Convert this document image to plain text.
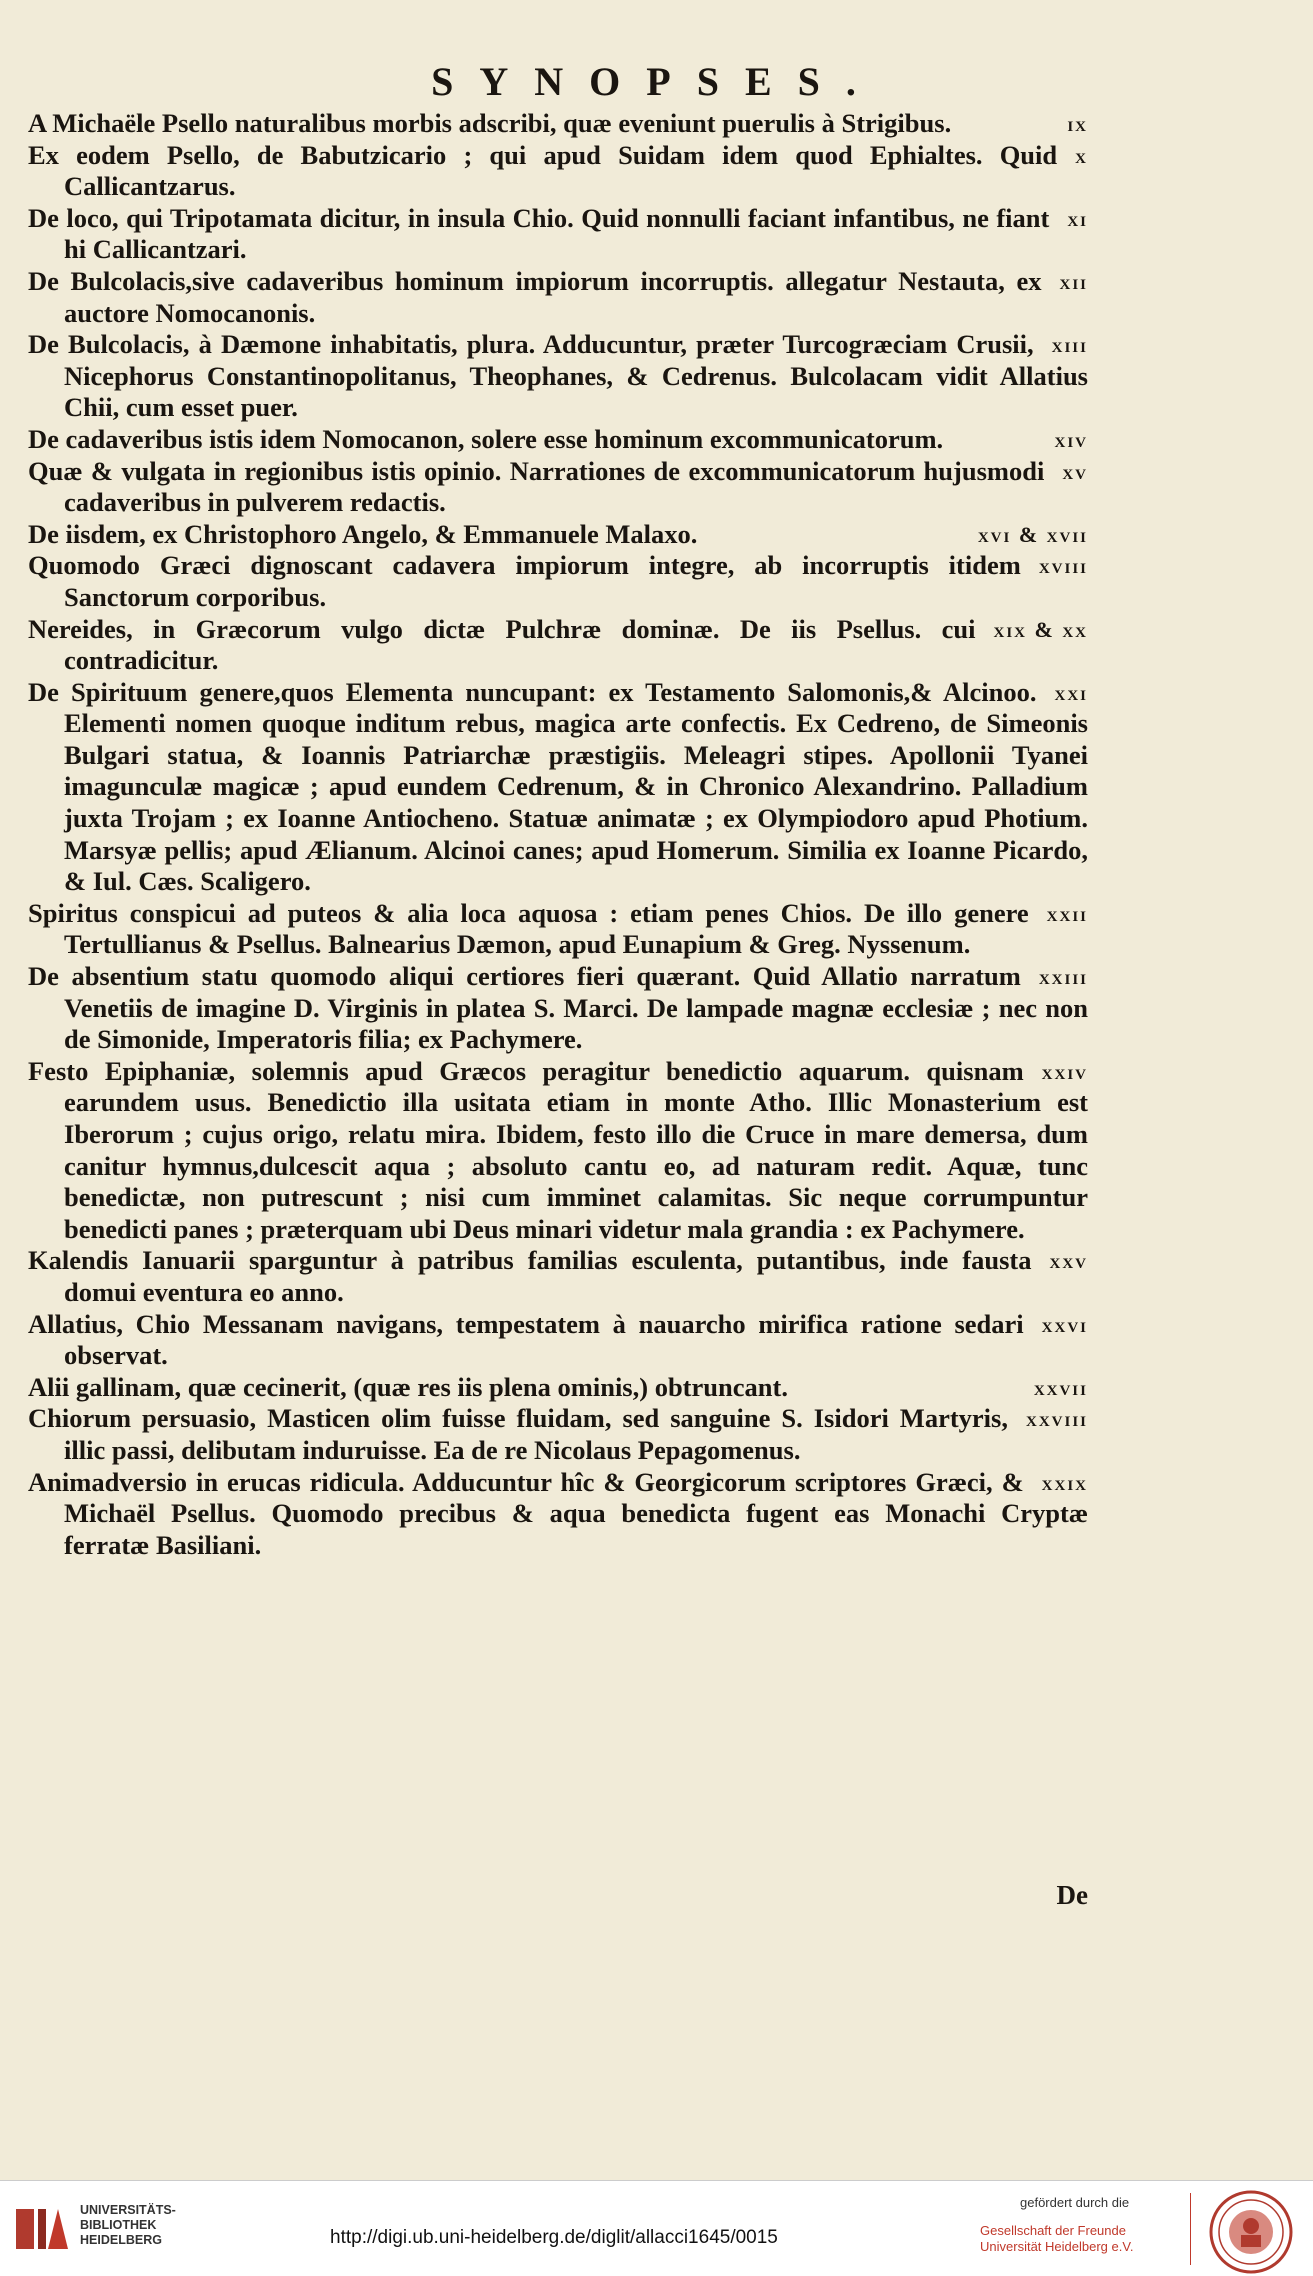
SYNOPSES.
ix
A Michaële Psello naturalibus morbis adscribi, quæ eveniunt puerulis à Strigibus.
x
Ex eodem Psello, de Babutzicario ; qui apud Suidam idem quod Ephialtes. Quid Callicantzarus.
xi
De loco, qui Tripotamata dicitur, in insula Chio. Quid nonnulli faciant infantibus, ne fiant hi Callicantzari.
xii
De Bulcolacis,sive cadaveribus hominum impiorum incorruptis. allegatur Nestauta, ex auctore Nomocanonis.
xiii
De Bulcolacis, à Dæmone inhabitatis, plura. Adducuntur, præter Turcogræciam Crusii, Nicephorus Constantinopolitanus, Theophanes, & Cedrenus. Bulcolacam vidit Allatius Chii, cum esset puer.
xiv
De cadaveribus istis idem Nomocanon, solere esse hominum excommunicatorum.
xv
Quæ & vulgata in regionibus istis opinio. Narrationes de excommunicatorum hujusmodi cadaveribus in pulverem redactis.
xvi & xvii
De iisdem, ex Christophoro Angelo, & Emmanuele Malaxo.
xviii
Quomodo Græci dignoscant cadavera impiorum integre, ab incorruptis itidem Sanctorum corporibus.
xix & xx
Nereides, in Græcorum vulgo dictæ Pulchræ dominæ. De iis Psellus. cui contradicitur.
xxi
De Spirituum genere,quos Elementa nuncupant: ex Testamento Salomonis,& Alcinoo. Elementi nomen quoque inditum rebus, magica arte confectis. Ex Cedreno, de Simeonis Bulgari statua, & Ioannis Patriarchæ præstigiis. Meleagri stipes. Apollonii Tyanei imagunculæ magicæ ; apud eundem Cedrenum, & in Chronico Alexandrino. Palladium juxta Trojam ; ex Ioanne Antiocheno. Statuæ animatæ ; ex Olympiodoro apud Photium. Marsyæ pellis; apud Ælianum. Alcinoi canes; apud Homerum. Similia ex Ioanne Picardo, & Iul. Cæs. Scaligero.
xxii
Spiritus conspicui ad puteos & alia loca aquosa : etiam penes Chios. De illo genere Tertullianus & Psellus. Balnearius Dæmon, apud Eunapium & Greg. Nyssenum.
xxiii
De absentium statu quomodo aliqui certiores fieri quærant. Quid Allatio narratum Venetiis de imagine D. Virginis in platea S. Marci. De lampade magnæ ecclesiæ ; nec non de Simonide, Imperatoris filia; ex Pachymere.
xxiv
Festo Epiphaniæ, solemnis apud Græcos peragitur benedictio aquarum. quisnam earundem usus. Benedictio illa usitata etiam in monte Atho. Illic Monasterium est Iberorum ; cujus origo, relatu mira. Ibidem, festo illo die Cruce in mare demersa, dum canitur hymnus,dulcescit aqua ; absoluto cantu eo, ad naturam redit. Aquæ, tunc benedictæ, non putrescunt ; nisi cum imminet calamitas. Sic neque corrumpuntur benedicti panes ; præterquam ubi Deus minari videtur mala grandia : ex Pachymere.
xxv
Kalendis Ianuarii sparguntur à patribus familias esculenta, putantibus, inde fausta domui eventura eo anno.
xxvi
Allatius, Chio Messanam navigans, tempestatem à nauarcho mirifica ratione sedari observat.
xxvii
Alii gallinam, quæ cecinerit, (quæ res iis plena ominis,) obtruncant.
xxviii
Chiorum persuasio, Masticen olim fuisse fluidam, sed sanguine S. Isidori Martyris, illic passi, delibutam induruisse. Ea de re Nicolaus Pepagomenus.
xxix
Animadversio in erucas ridicula. Adducuntur hîc & Georgicorum scriptores Græci, & Michaël Psellus. Quomodo precibus & aqua benedicta fugent eas Monachi Cryptæ ferratæ Basiliani.
De
UNIVERSITÄTS-
BIBLIOTHEK
HEIDELBERG	http://digi.ub.uni-heidelberg.de/diglit/allacci1645/0015
gefördert durch die
Gesellschaft der Freunde
Universität Heidelberg e.V.
